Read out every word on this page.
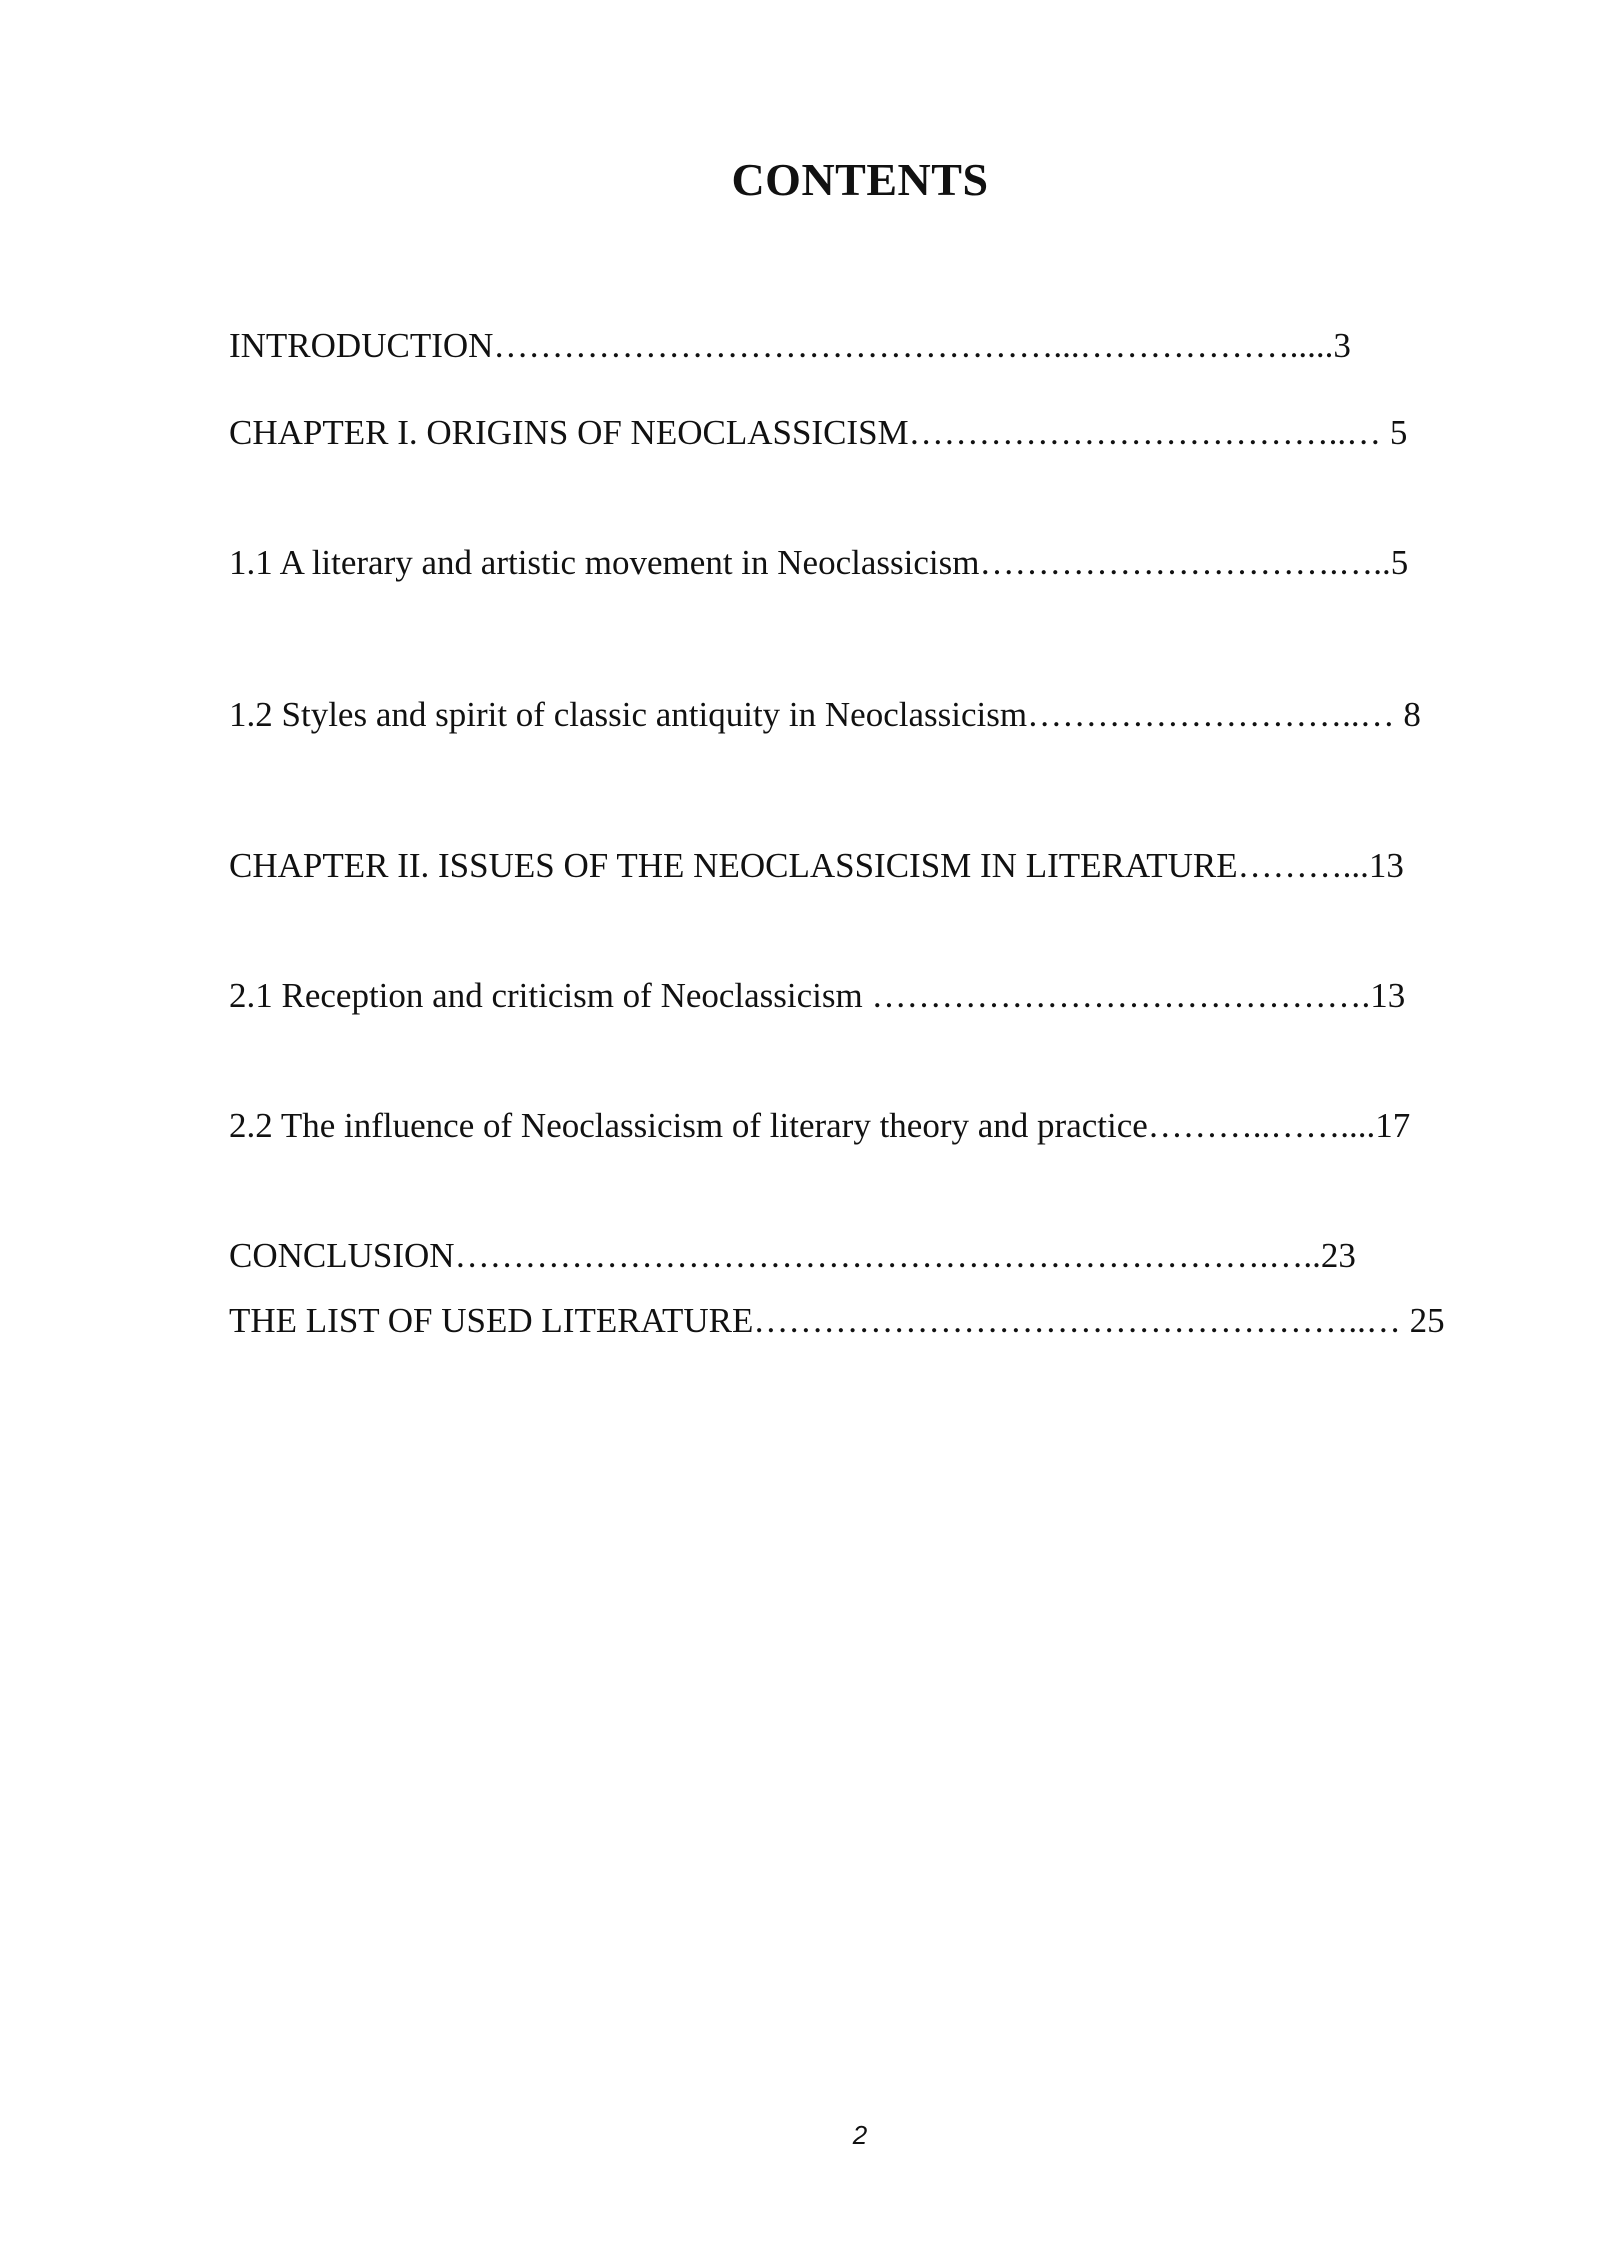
CONTENTS
INTRODUCTION…………………………………………...……………….....3
CHAPTER I. ORIGINS OF NEOCLASSICISM………………………………..… 5
1.1 A literary and artistic movement in Neoclassicism………………………….…..5
1.2 Styles and spirit of classic antiquity in Neoclassicism………………………..… 8
CHAPTER II. ISSUES OF THE NEOCLASSICISM IN LITERATURE………...13
2.1 Reception and criticism of Neoclassicism …………………………………….13
2.2 The influence of Neoclassicism of literary theory and practice………..……....17
CONCLUSION…………………………………………………………….…..23
THE LIST OF USED LITERATURE……………………………………………..… 25
2
